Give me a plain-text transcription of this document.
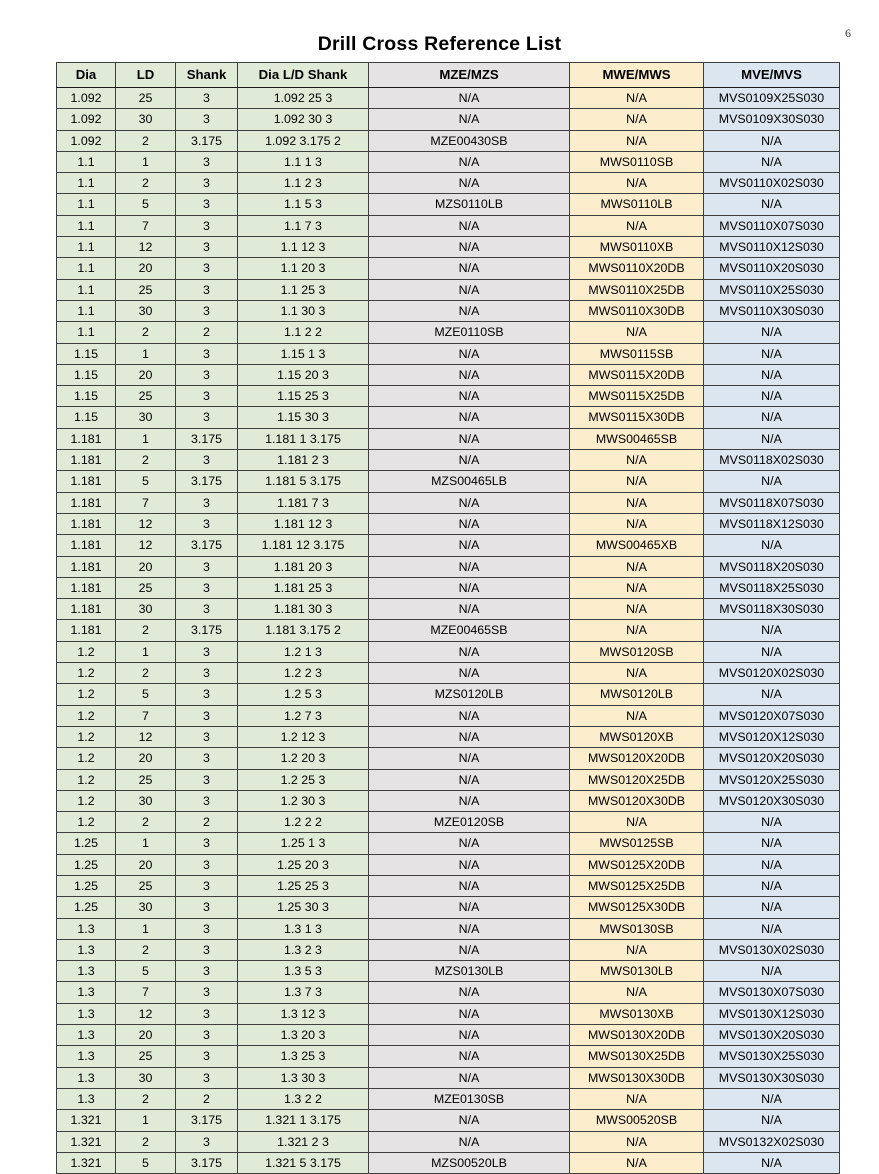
6
Drill Cross Reference List
Dia	LD	Shank	Dia L/D Shank	MZE/MZS	MWE/MWS	MVE/MVS
1.092	25	3	1.092 25 3	N/A	N/A	MVS0109X25S030
1.092	30	3	1.092 30 3	N/A	N/A	MVS0109X30S030
1.092	2	3.175	1.092 3.175 2	MZE00430SB	N/A	N/A
1.1	1	3	1.1 1 3	N/A	MWS0110SB	N/A
1.1	2	3	1.1 2 3	N/A	N/A	MVS0110X02S030
1.1	5	3	1.1 5 3	MZS0110LB	MWS0110LB	N/A
1.1	7	3	1.1 7 3	N/A	N/A	MVS0110X07S030
1.1	12	3	1.1 12 3	N/A	MWS0110XB	MVS0110X12S030
1.1	20	3	1.1 20 3	N/A	MWS0110X20DB	MVS0110X20S030
1.1	25	3	1.1 25 3	N/A	MWS0110X25DB	MVS0110X25S030
1.1	30	3	1.1 30 3	N/A	MWS0110X30DB	MVS0110X30S030
1.1	2	2	1.1 2 2	MZE0110SB	N/A	N/A
1.15	1	3	1.15 1 3	N/A	MWS0115SB	N/A
1.15	20	3	1.15 20 3	N/A	MWS0115X20DB	N/A
1.15	25	3	1.15 25 3	N/A	MWS0115X25DB	N/A
1.15	30	3	1.15 30 3	N/A	MWS0115X30DB	N/A
1.181	1	3.175	1.181 1 3.175	N/A	MWS00465SB	N/A
1.181	2	3	1.181 2 3	N/A	N/A	MVS0118X02S030
1.181	5	3.175	1.181 5 3.175	MZS00465LB	N/A	N/A
1.181	7	3	1.181 7 3	N/A	N/A	MVS0118X07S030
1.181	12	3	1.181 12 3	N/A	N/A	MVS0118X12S030
1.181	12	3.175	1.181 12 3.175	N/A	MWS00465XB	N/A
1.181	20	3	1.181 20 3	N/A	N/A	MVS0118X20S030
1.181	25	3	1.181 25 3	N/A	N/A	MVS0118X25S030
1.181	30	3	1.181 30 3	N/A	N/A	MVS0118X30S030
1.181	2	3.175	1.181 3.175 2	MZE00465SB	N/A	N/A
1.2	1	3	1.2 1 3	N/A	MWS0120SB	N/A
1.2	2	3	1.2 2 3	N/A	N/A	MVS0120X02S030
1.2	5	3	1.2 5 3	MZS0120LB	MWS0120LB	N/A
1.2	7	3	1.2 7 3	N/A	N/A	MVS0120X07S030
1.2	12	3	1.2 12 3	N/A	MWS0120XB	MVS0120X12S030
1.2	20	3	1.2 20 3	N/A	MWS0120X20DB	MVS0120X20S030
1.2	25	3	1.2 25 3	N/A	MWS0120X25DB	MVS0120X25S030
1.2	30	3	1.2 30 3	N/A	MWS0120X30DB	MVS0120X30S030
1.2	2	2	1.2 2 2	MZE0120SB	N/A	N/A
1.25	1	3	1.25 1 3	N/A	MWS0125SB	N/A
1.25	20	3	1.25 20 3	N/A	MWS0125X20DB	N/A
1.25	25	3	1.25 25 3	N/A	MWS0125X25DB	N/A
1.25	30	3	1.25 30 3	N/A	MWS0125X30DB	N/A
1.3	1	3	1.3 1 3	N/A	MWS0130SB	N/A
1.3	2	3	1.3 2 3	N/A	N/A	MVS0130X02S030
1.3	5	3	1.3 5 3	MZS0130LB	MWS0130LB	N/A
1.3	7	3	1.3 7 3	N/A	N/A	MVS0130X07S030
1.3	12	3	1.3 12 3	N/A	MWS0130XB	MVS0130X12S030
1.3	20	3	1.3 20 3	N/A	MWS0130X20DB	MVS0130X20S030
1.3	25	3	1.3 25 3	N/A	MWS0130X25DB	MVS0130X25S030
1.3	30	3	1.3 30 3	N/A	MWS0130X30DB	MVS0130X30S030
1.3	2	2	1.3 2 2	MZE0130SB	N/A	N/A
1.321	1	3.175	1.321 1 3.175	N/A	MWS00520SB	N/A
1.321	2	3	1.321 2 3	N/A	N/A	MVS0132X02S030
1.321	5	3.175	1.321 5 3.175	MZS00520LB	N/A	N/A
